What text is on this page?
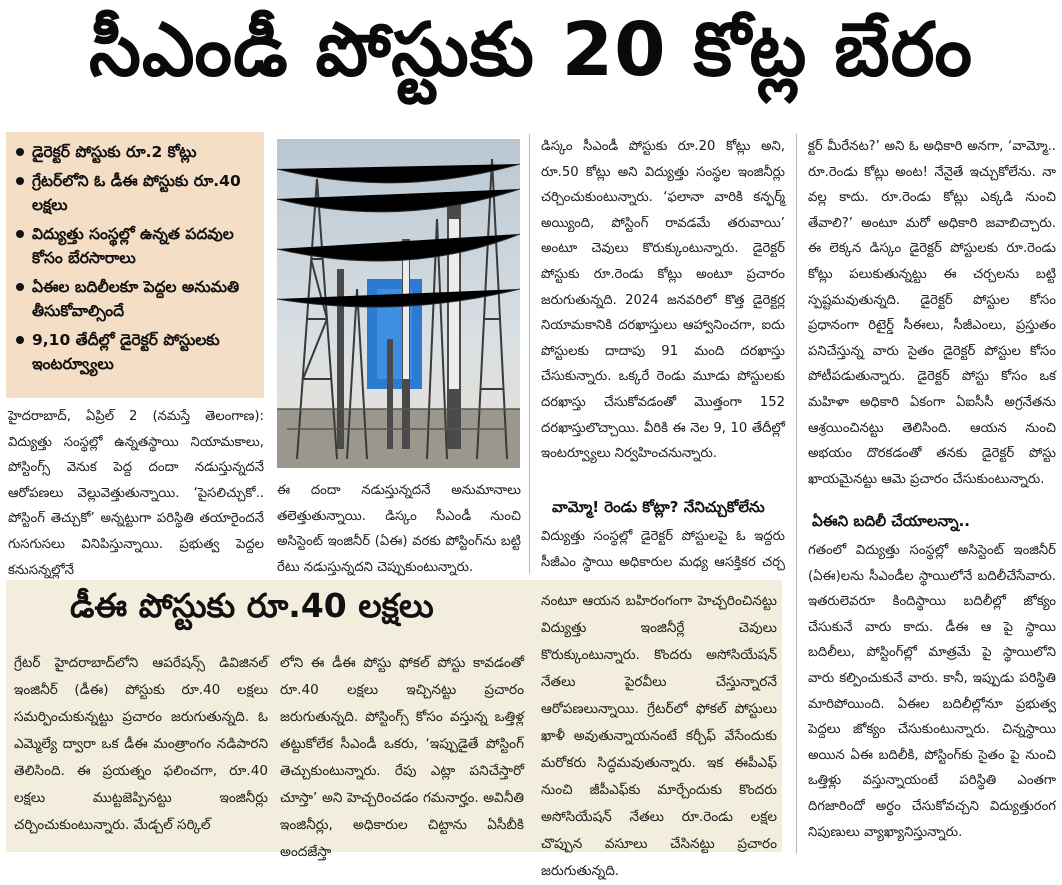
సీఎండీ పోస్టుకు 20 కోట్ల బేరం
డైరెక్టర్ పోస్టుకు రూ.2 కోట్లు
గ్రేటర్‌లోని ఓ డీఈ పోస్టుకు రూ.40 లక్షలు
విద్యుత్తు సంస్థల్లో ఉన్నత పదవుల కోసం బేరసారాలు
ఏఈల బదిలీలకూ పెద్దల అనుమతి తీసుకోవాల్సిందే
9,10 తేదీల్లో డైరెక్టర్ పోస్టులకు ఇంటర్వ్యూలు

హైదరాబాద్, ఏప్రిల్ 2 (నమస్తే తెలంగాణ): విద్యుత్తు సంస్థల్లో ఉన్నతస్థాయి నియామకాలు, పోస్టింగ్స్ వెనుక పెద్ద దందా నడుస్తున్నదనే ఆరోపణలు వెల్లువెత్తుతున్నాయి. ‘పైసలిచ్చుకో.. పోస్టింగ్ తెచ్చుకో’ అన్నట్టుగా పరిస్థితి తయారైందనే గుసగుసలు వినిపిస్తున్నాయి. ప్రభుత్వ పెద్దల కనుసన్నల్లోనే

ఈ దందా నడుస్తున్నదనే అనుమానాలు తలెత్తుతున్నాయి. డిస్కం సీఎండీ నుంచి అసిస్టెంట్ ఇంజినీర్ (ఏఈ) వరకు పోస్టింగ్‌ను బట్టి రేటు నడుస్తున్నదని చెప్పుకుంటున్నారు.

డిస్కం సీఎండీ పోస్టుకు రూ.20 కోట్లు అని, రూ.50 కోట్లు అని విద్యుత్తు సంస్థల ఇంజినీర్లు చర్చించుకుంటున్నారు. ‘ఫలానా వారికి కన్ఫర్మ్ అయ్యింది, పోస్టింగ్ రావడమే తరువాయి’ అంటూ చెవులు కొరుక్కుంటున్నారు. డైరెక్టర్ పోస్టుకు రూ.రెండు కోట్లు అంటూ ప్రచారం జరుగుతున్నది. 2024 జనవరిలో కొత్త డైరెక్టర్ల నియామకానికి దరఖాస్తులు ఆహ్వానించగా, ఐదు పోస్టులకు దాదాపు 91 మంది దరఖాస్తు చేసుకున్నారు. ఒక్కరే రెండు మూడు పోస్టులకు దరఖాస్తు చేసుకోవడంతో మొత్తంగా 152 దరఖాస్తులొచ్చాయి. వీరికి ఈ నెల 9, 10 తేదీల్లో ఇంటర్వ్యూలు నిర్వహించనున్నారు.

వామ్మో! రెండు కోట్లా? నేనిచ్చుకోలేను

విద్యుత్తు సంస్థల్లో డైరెక్టర్ పోస్టులపై ఓ ఇద్దరు సీజీఎం స్థాయి అధికారుల మధ్య ఆసక్తికర చర్చ

క్టర్ మీరేనట?’ అని ఓ అధికారి అనగా, ‘వామ్మో.. రూ.రెండు కోట్లు అంట! నేనైతే ఇచ్చుకోలేను. నా వల్ల కాదు. రూ.రెండు కోట్లు ఎక్కడి నుంచి తేవాలి?’ అంటూ మరో అధికారి జవాబిచ్చారు. ఈ లెక్కన డిస్కం డైరెక్టర్ పోస్టులకు రూ.రెండు కోట్లు పలుకుతున్నట్టు ఈ చర్చలను బట్టి స్పష్టమవుతున్నది. డైరెక్టర్ పోస్టుల కోసం ప్రధానంగా రిటైర్డ్ సీఈలు, సీజీఎంలు, ప్రస్తుతం పనిచేస్తున్న వారు సైతం డైరెక్టర్ పోస్టుల కోసం పోటీపడుతున్నారు. డైరెక్టర్ పోస్టు కోసం ఒక మహిళా అధికారి ఏకంగా ఏఐసీసీ అగ్రనేతను ఆశ్రయించినట్టు తెలిసింది. ఆయన నుంచి అభయం దొరకడంతో తనకు డైరెక్టర్ పోస్టు ఖాయమైనట్టు ఆమె ప్రచారం చేసుకుంటున్నారు.

ఏఈని బదిలీ చేయాలన్నా..

గతంలో విద్యుత్తు సంస్థల్లో అసిస్టెంట్ ఇంజినీర్ (ఏఈ)లను సీఎండీల స్థాయిలోనే బదిలీచేసేవారు. ఇతరులెవరూ కిందిస్థాయి బదిలీల్లో జోక్యం చేసుకునే వారు కాదు. డీఈ ఆ పై స్థాయి బదిలీలు, పోస్టింగ్‌ల్లో మాత్రమే పై స్థాయిలోని వారు కల్పించుకునే వారు. కానీ, ఇప్పుడు పరిస్థితి మారిపోయింది. ఏఈల బదిలీల్లోనూ ప్రభుత్వ పెద్దలు జోక్యం చేసుకుంటున్నారు. చిన్నస్థాయి అయిన ఏఈ బదిలీకి, పోస్టింగ్‌కు సైతం పై నుంచి ఒత్తిళ్లు వస్తున్నాయంటే పరిస్థితి ఎంతగా దిగజారిందో అర్థం చేసుకోవచ్చని విద్యుత్తురంగ నిపుణులు వ్యాఖ్యానిస్తున్నారు.

డీఈ పోస్టుకు రూ.40 లక్షలు
గ్రేటర్ హైదరాబాద్‌లోని ఆపరేషన్స్ డివిజినల్ ఇంజినీర్ (డీఈ) పోస్టుకు రూ.40 లక్షలు సమర్పించుకున్నట్టు ప్రచారం జరుగుతున్నది. ఓ ఎమ్మెల్యే ద్వారా ఒక డీఈ మంత్రాంగం నడిపారని తెలిసింది. ఈ ప్రయత్నం ఫలించగా, రూ.40 లక్షలు ముట్టజెప్పినట్టు ఇంజినీర్లు చర్చించుకుంటున్నారు. మేడ్చల్ సర్కిల్
లోని ఈ డీఈ పోస్టు ఫోకల్ పోస్టు కావడంతో రూ.40 లక్షలు ఇచ్చినట్టు ప్రచారం జరుగుతున్నది. పోస్టింగ్స్ కోసం వస్తున్న ఒత్తిళ్ల తట్టుకోలేక సీఎండీ ఒకరు, ‘ఇప్పుడైతే పోస్టింగ్ తెచ్చుకుంటున్నారు. రేపు ఎట్లా పనిచేస్తారో చూస్తా’ అని హెచ్చరించడం గమనార్హం. అవినీతి ఇంజినీర్లు, అధికారుల చిట్టాను ఏసీబీకి అందజేస్తా
నంటూ ఆయన బహిరంగంగా హెచ్చరించినట్టు విద్యుత్తు ఇంజినీర్లే చెవులు కొరుక్కుంటున్నారు. కొందరు అసోసియేషన్ నేతలు పైరవీలు చేస్తున్నారనే ఆరోపణలున్నాయి. గ్రేటర్‌లో ఫోకల్ పోస్టులు ఖాళీ అవుతున్నాయనంటే కర్చీఫ్ వేసేందుకు మరోకరు సిద్ధమవుతున్నారు. ఇక ఈపీఎఫ్ నుంచి జీపీఎఫ్‌కు మార్చేందుకు కొందరు అసోసియేషన్ నేతలు రూ.రెండు లక్షల చొప్పున వసూలు చేసినట్టు ప్రచారం జరుగుతున్నది.
